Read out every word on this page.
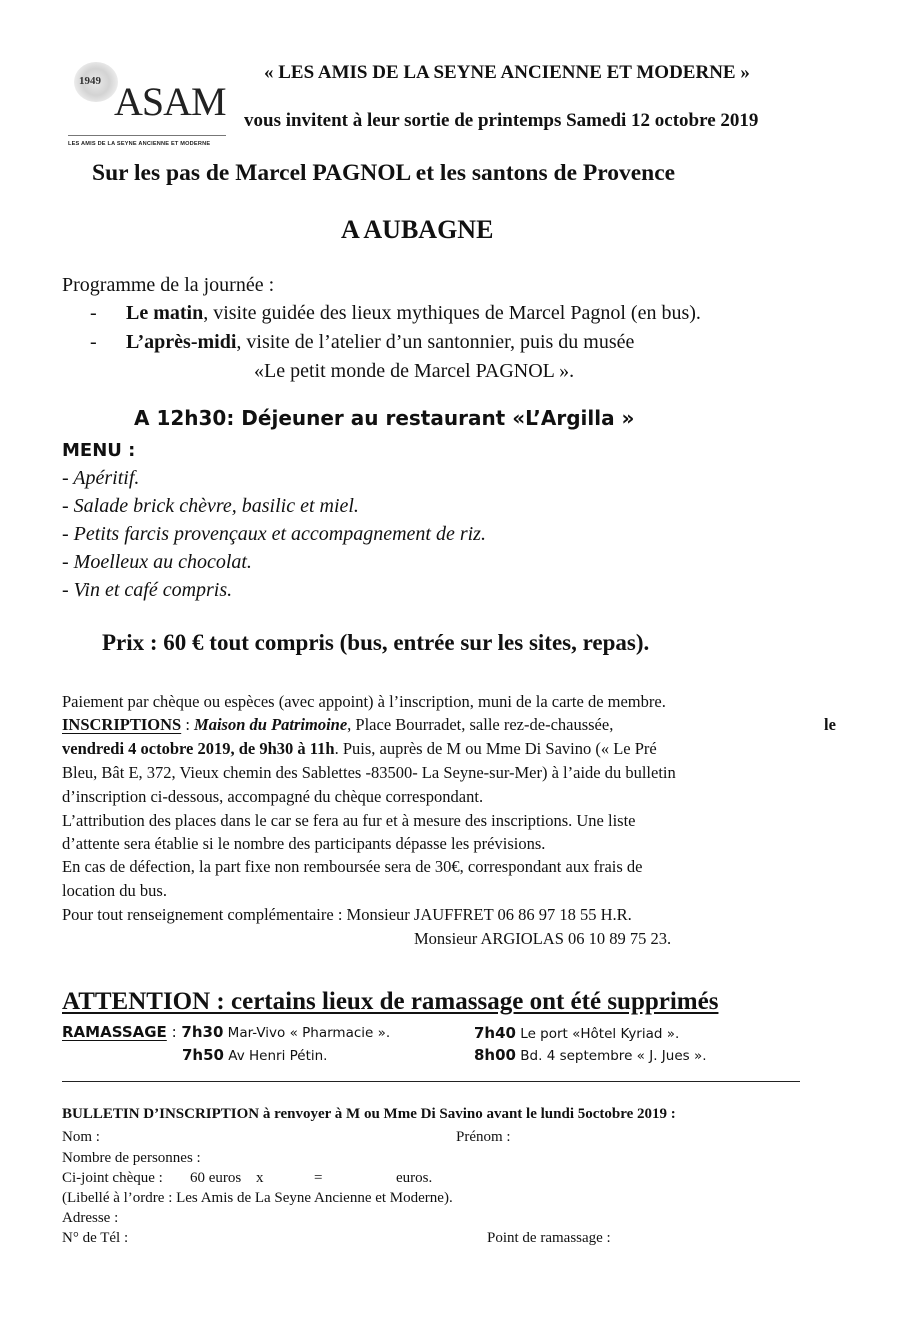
1949 ASAM
LES AMIS DE LA SEYNE ANCIENNE ET MODERNE
« LES AMIS DE LA SEYNE ANCIENNE ET MODERNE »
vous invitent à leur sortie de printemps Samedi 12 octobre 2019
Sur les pas de Marcel PAGNOL et les santons de Provence
A AUBAGNE
Programme de la journée :
- Le matin, visite guidée des lieux mythiques de Marcel Pagnol (en bus).
- L’après-midi, visite de l’atelier d’un santonnier, puis du musée
«Le petit monde de Marcel PAGNOL ».
A 12h30: Déjeuner au restaurant «L’Argilla »
MENU :
- Apéritif.
- Salade brick chèvre, basilic et miel.
- Petits farcis provençaux et accompagnement de riz.
- Moelleux au chocolat.
- Vin et café compris.
Prix : 60 € tout compris (bus, entrée sur les sites, repas).
Paiement par chèque ou espèces (avec appoint) à l’inscription, muni de la carte de membre.
INSCRIPTIONS : Maison du Patrimoine, Place Bourradet, salle rez-de-chaussée,	le
vendredi 4 octobre 2019, de 9h30 à 11h. Puis, auprès de M ou Mme Di Savino (« Le Pré
Bleu, Bât E, 372, Vieux chemin des Sablettes -83500- La Seyne-sur-Mer) à l’aide du bulletin
d’inscription ci-dessous, accompagné du chèque correspondant.
L’attribution des places dans le car se fera au fur et à mesure des inscriptions. Une liste
d’attente sera établie si le nombre des participants dépasse les prévisions.
En cas de défection, la part fixe non remboursée sera de 30€, correspondant aux frais de
location du bus.
Pour tout renseignement complémentaire : Monsieur JAUFFRET 06 86 97 18 55 H.R.
Monsieur ARGIOLAS 06 10 89 75 23.
ATTENTION : certains lieux de ramassage ont été supprimés
RAMASSAGE : 7h30 Mar-Vivo « Pharmacie ».	7h40 Le port «Hôtel Kyriad ».
7h50 Av Henri Pétin.	8h00 Bd. 4 septembre « J. Jues ».
BULLETIN D’INSCRIPTION à renvoyer à M ou Mme Di Savino avant le lundi 5octobre 2019 :
Nom :	Prénom :
Nombre de personnes :
Ci-joint chèque : 60 euros x	=	euros.
(Libellé à l’ordre : Les Amis de La Seyne Ancienne et Moderne).
Adresse :
N° de Tél :	Point de ramassage :
